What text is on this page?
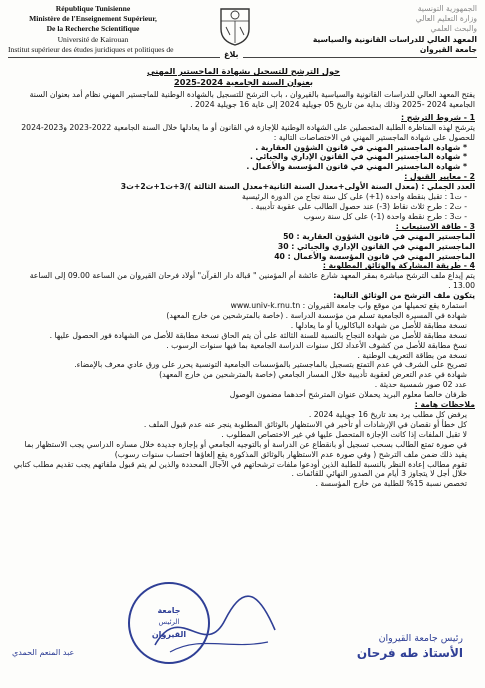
République Tunisienne
Ministère de l'Enseignement Supérieur,
De la Recherche Scientifique
Université de Kairouan
Institut supérieur des études juridiques et politiques de
الجمهورية التونسية
وزارة التعليم العالي
والبحث العلمي
المعهد العالي للدراسات القانونية والسياسية
جامعة القيروان
بلاغ
حول الترشح للتسجيل بشهادة الماجستير المهني
بعنوان السنة الجامعية 2024-2025

يفتح المعهد العالي للدراسات القانونية والسياسية بالقيروان ، باب الترشح للتسجيل بالشهادة الوطنية للماجستير المهني نظام أمد بعنوان السنة الجامعية 2024 -2025 وذلك بداية من تاريخ 05 جويلية 2024 إلى غاية 16 جويلية 2024 .

1 - شروط الترشح :

يترشح لهذه المناظرة الطلبة المتحصلين على الشهادة الوطنية للإجازة في القانون أو ما يعادلها خلال السنة الجامعية 2022-2023 و2023-2024 للحصول على شهادة الماجستير المهني في الاختصاصات التالية :

* شهادة الماجستير المهني في قانون الشؤون العقارية .
* شهادة الماجستير المهني في القانون الإداري والجبائي .
* شهادة الماجستير المهني في قانون المؤسسة والأعمال .
2 - معايير القبول :
العدد الجملي : (معدل السنة الأولى+معدل السنة الثانية+معدل السنة الثالثة )/3+ت1+ت2+ت3
- ت1 : تقبل بنقطة واحدة (1+) على كل سنة نجاح من الدورة الرئيسية
- ت2 : طرح ثلاث نقاط (3-) عند حصول الطالب على عقوبة تأديبية .
- ت3 : طرح نقطة واحدة (1-) على كل سنة رسوب
3 - طاقة الاستيعاب :
الماجستير المهني في قانون الشؤون العقارية : 50
الماجستير المهني في القانون الإداري والجبائي : 30
الماجستير المهني في قانون المؤسسة والأعمال : 40
4 - طريقة المشاركة والوثائق المطلوبة :

يتم إيداع ملف الترشح مباشرة بمقر المعهد شارع عائشة أم المؤمنين " قبالة دار القرآن" أولاد فرحان القيروان من الساعة 09.00 إلى الساعة 13.00 .

يتكون ملف الترشح من الوثائق التالية:
استمارة يقع تحميلها من موقع واب جامعة القيروان : www.univ-k.rnu.tn
شهادة في المسيرة الجامعية تسلم من مؤسسة الدراسة . (خاصة بالمترشحين من خارج المعهد)
نسخة مطابقة للأصل من شهادة الباكالوريا أو ما يعادلها .
نسخة مطابقة للأصل من شهادة النجاح بالنسبة للسنة الثالثة على أن يتم الحاق نسخة مطابقة للأصل من الشهادة فور الحصول عليها .
نسخ مطابقة للأصل من كشوف الأعداد لكل سنوات الدراسة الجامعية بما فيها سنوات الرسوب .
نسخة من بطاقة التعريف الوطنية .
تصريح على الشرف في عدم التمتع بتسجيل بالماجستير بالمؤسسات الجامعية التونسية يحرر على ورق عادي معرف بالإمضاء.
شهادة في عدم التعرض لعقوبة تأديبية خلال المسار الجامعي (خاصة بالمترشحين من خارج المعهد)
عدد 02 صور شمسية حديثة .
ظرفان خالصا معلوم البريد يحملان عنوان المترشح أحدهما مضمون الوصول
ملاحظات هامة :
يرفض كل مطلب يرد بعد تاريخ 16 جويلية 2024 .
كل خطأ أو نقصان في الإرشادات أو تأخير في الاستظهار بالوثائق المطلوبة ينجر عنه عدم قبول الملف .
لا تقبل الملفات إذا كانت الإجازة المتحصل عليها في غير الاختصاص المطلوب .
في صورة تمتع الطالب بسحب تسجيل أو بانقطاع عن الدراسة أو بالتوجيه الجامعي أو بإجازة جديدة خلال مساره الدراسي يجب الاستظهار بما يفيد ذلك ضمن ملف الترشح ( وفي صورة عدم الاستظهار بالوثائق المذكورة يقع إلغاؤها احتساب سنوات رسوب)
تقوم مطالب إعادة النظر بالنسبة للطلبة الذين أودعوا ملفات ترشحاتهم في الآجال المحددة والذين لم يتم قبول ملفاتهم يجب تقديم مطلب كتابي خلال أجل لا يتجاوز 3 أيام من الصدور النهائي للقائمات .
تخصص نسبة 15% للطلبة من خارج المؤسسة .
جامعة
الرئيس
القيروان	رئيس جامعة القيروان
الأستاذ طه فرحان
عبد المنعم الحمدي
